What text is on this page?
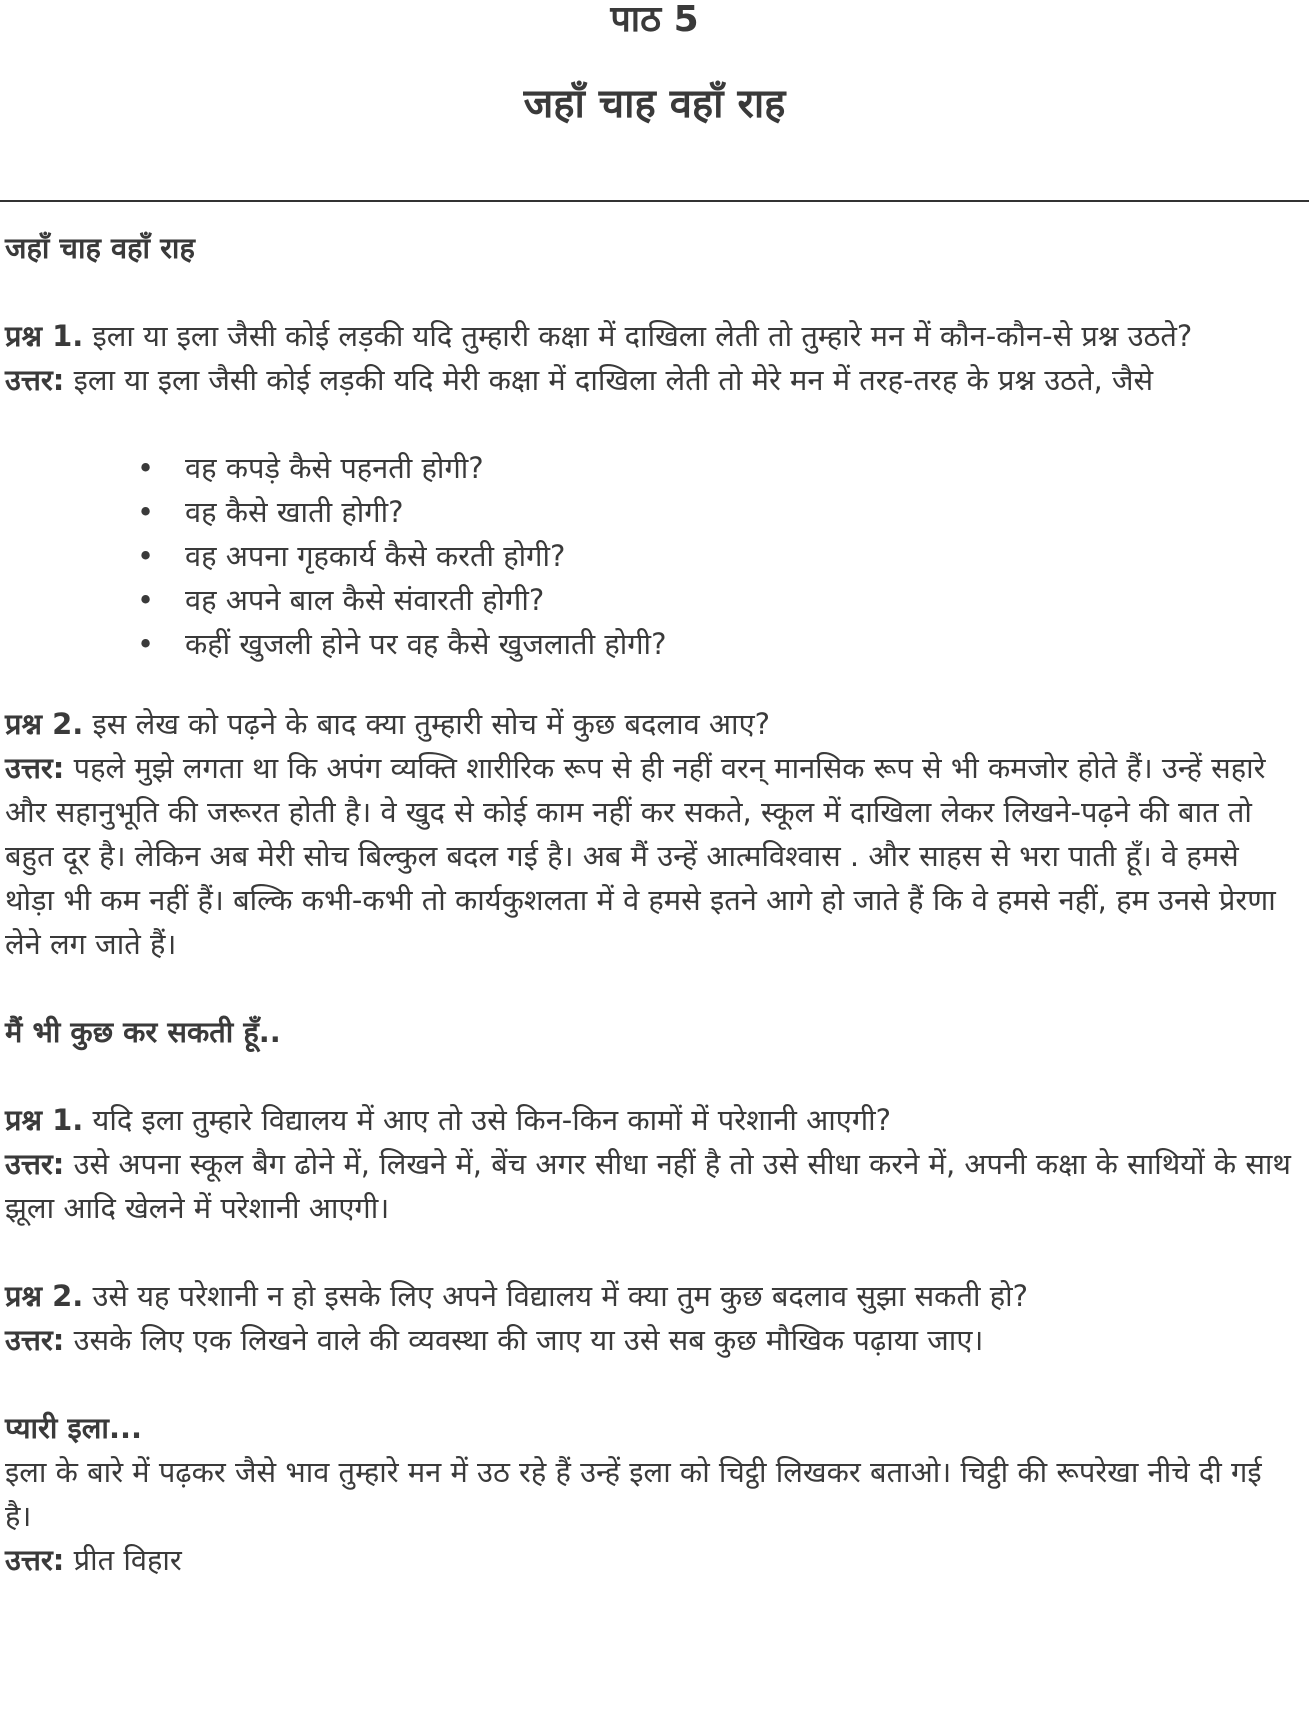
पाठ 5
जहाँ चाह वहाँ राह

जहाँ चाह वहाँ राह

प्रश्न 1. इला या इला जैसी कोई लड़की यदि तुम्हारी कक्षा में दाखिला लेती तो तुम्हारे मन में कौन-कौन-से प्रश्न उठते?

उत्तर: इला या इला जैसी कोई लड़की यदि मेरी कक्षा में दाखिला लेती तो मेरे मन में तरह-तरह के प्रश्न उठते, जैसे

• वह कपड़े कैसे पहनती होगी?
• वह कैसे खाती होगी?
• वह अपना गृहकार्य कैसे करती होगी?
• वह अपने बाल कैसे संवारती होगी?
• कहीं खुजली होने पर वह कैसे खुजलाती होगी?

प्रश्न 2. इस लेख को पढ़ने के बाद क्या तुम्हारी सोच में कुछ बदलाव आए?

उत्तर: पहले मुझे लगता था कि अपंग व्यक्ति शारीरिक रूप से ही नहीं वरन् मानसिक रूप से भी कमजोर होते हैं। उन्हें सहारे और सहानुभूति की जरूरत होती है। वे खुद से कोई काम नहीं कर सकते, स्कूल में दाखिला लेकर लिखने-पढ़ने की बात तो बहुत दूर है। लेकिन अब मेरी सोच बिल्कुल बदल गई है। अब मैं उन्हें आत्मविश्वास . और साहस से भरा पाती हूँ। वे हमसे थोड़ा भी कम नहीं हैं। बल्कि कभी-कभी तो कार्यकुशलता में वे हमसे इतने आगे हो जाते हैं कि वे हमसे नहीं, हम उनसे प्रेरणा लेने लग जाते हैं।

मैं भी कुछ कर सकती हूँ..

प्रश्न 1. यदि इला तुम्हारे विद्यालय में आए तो उसे किन-किन कामों में परेशानी आएगी?

उत्तर: उसे अपना स्कूल बैग ढोने में, लिखने में, बेंच अगर सीधा नहीं है तो उसे सीधा करने में, अपनी कक्षा के साथियों के साथ झूला आदि खेलने में परेशानी आएगी।

प्रश्न 2. उसे यह परेशानी न हो इसके लिए अपने विद्यालय में क्या तुम कुछ बदलाव सुझा सकती हो?

उत्तर: उसके लिए एक लिखने वाले की व्यवस्था की जाए या उसे सब कुछ मौखिक पढ़ाया जाए।

प्यारी इला...

इला के बारे में पढ़कर जैसे भाव तुम्हारे मन में उठ रहे हैं उन्हें इला को चिट्ठी लिखकर बताओ। चिट्ठी की रूपरेखा नीचे दी गई है।

उत्तर: प्रीत विहार
